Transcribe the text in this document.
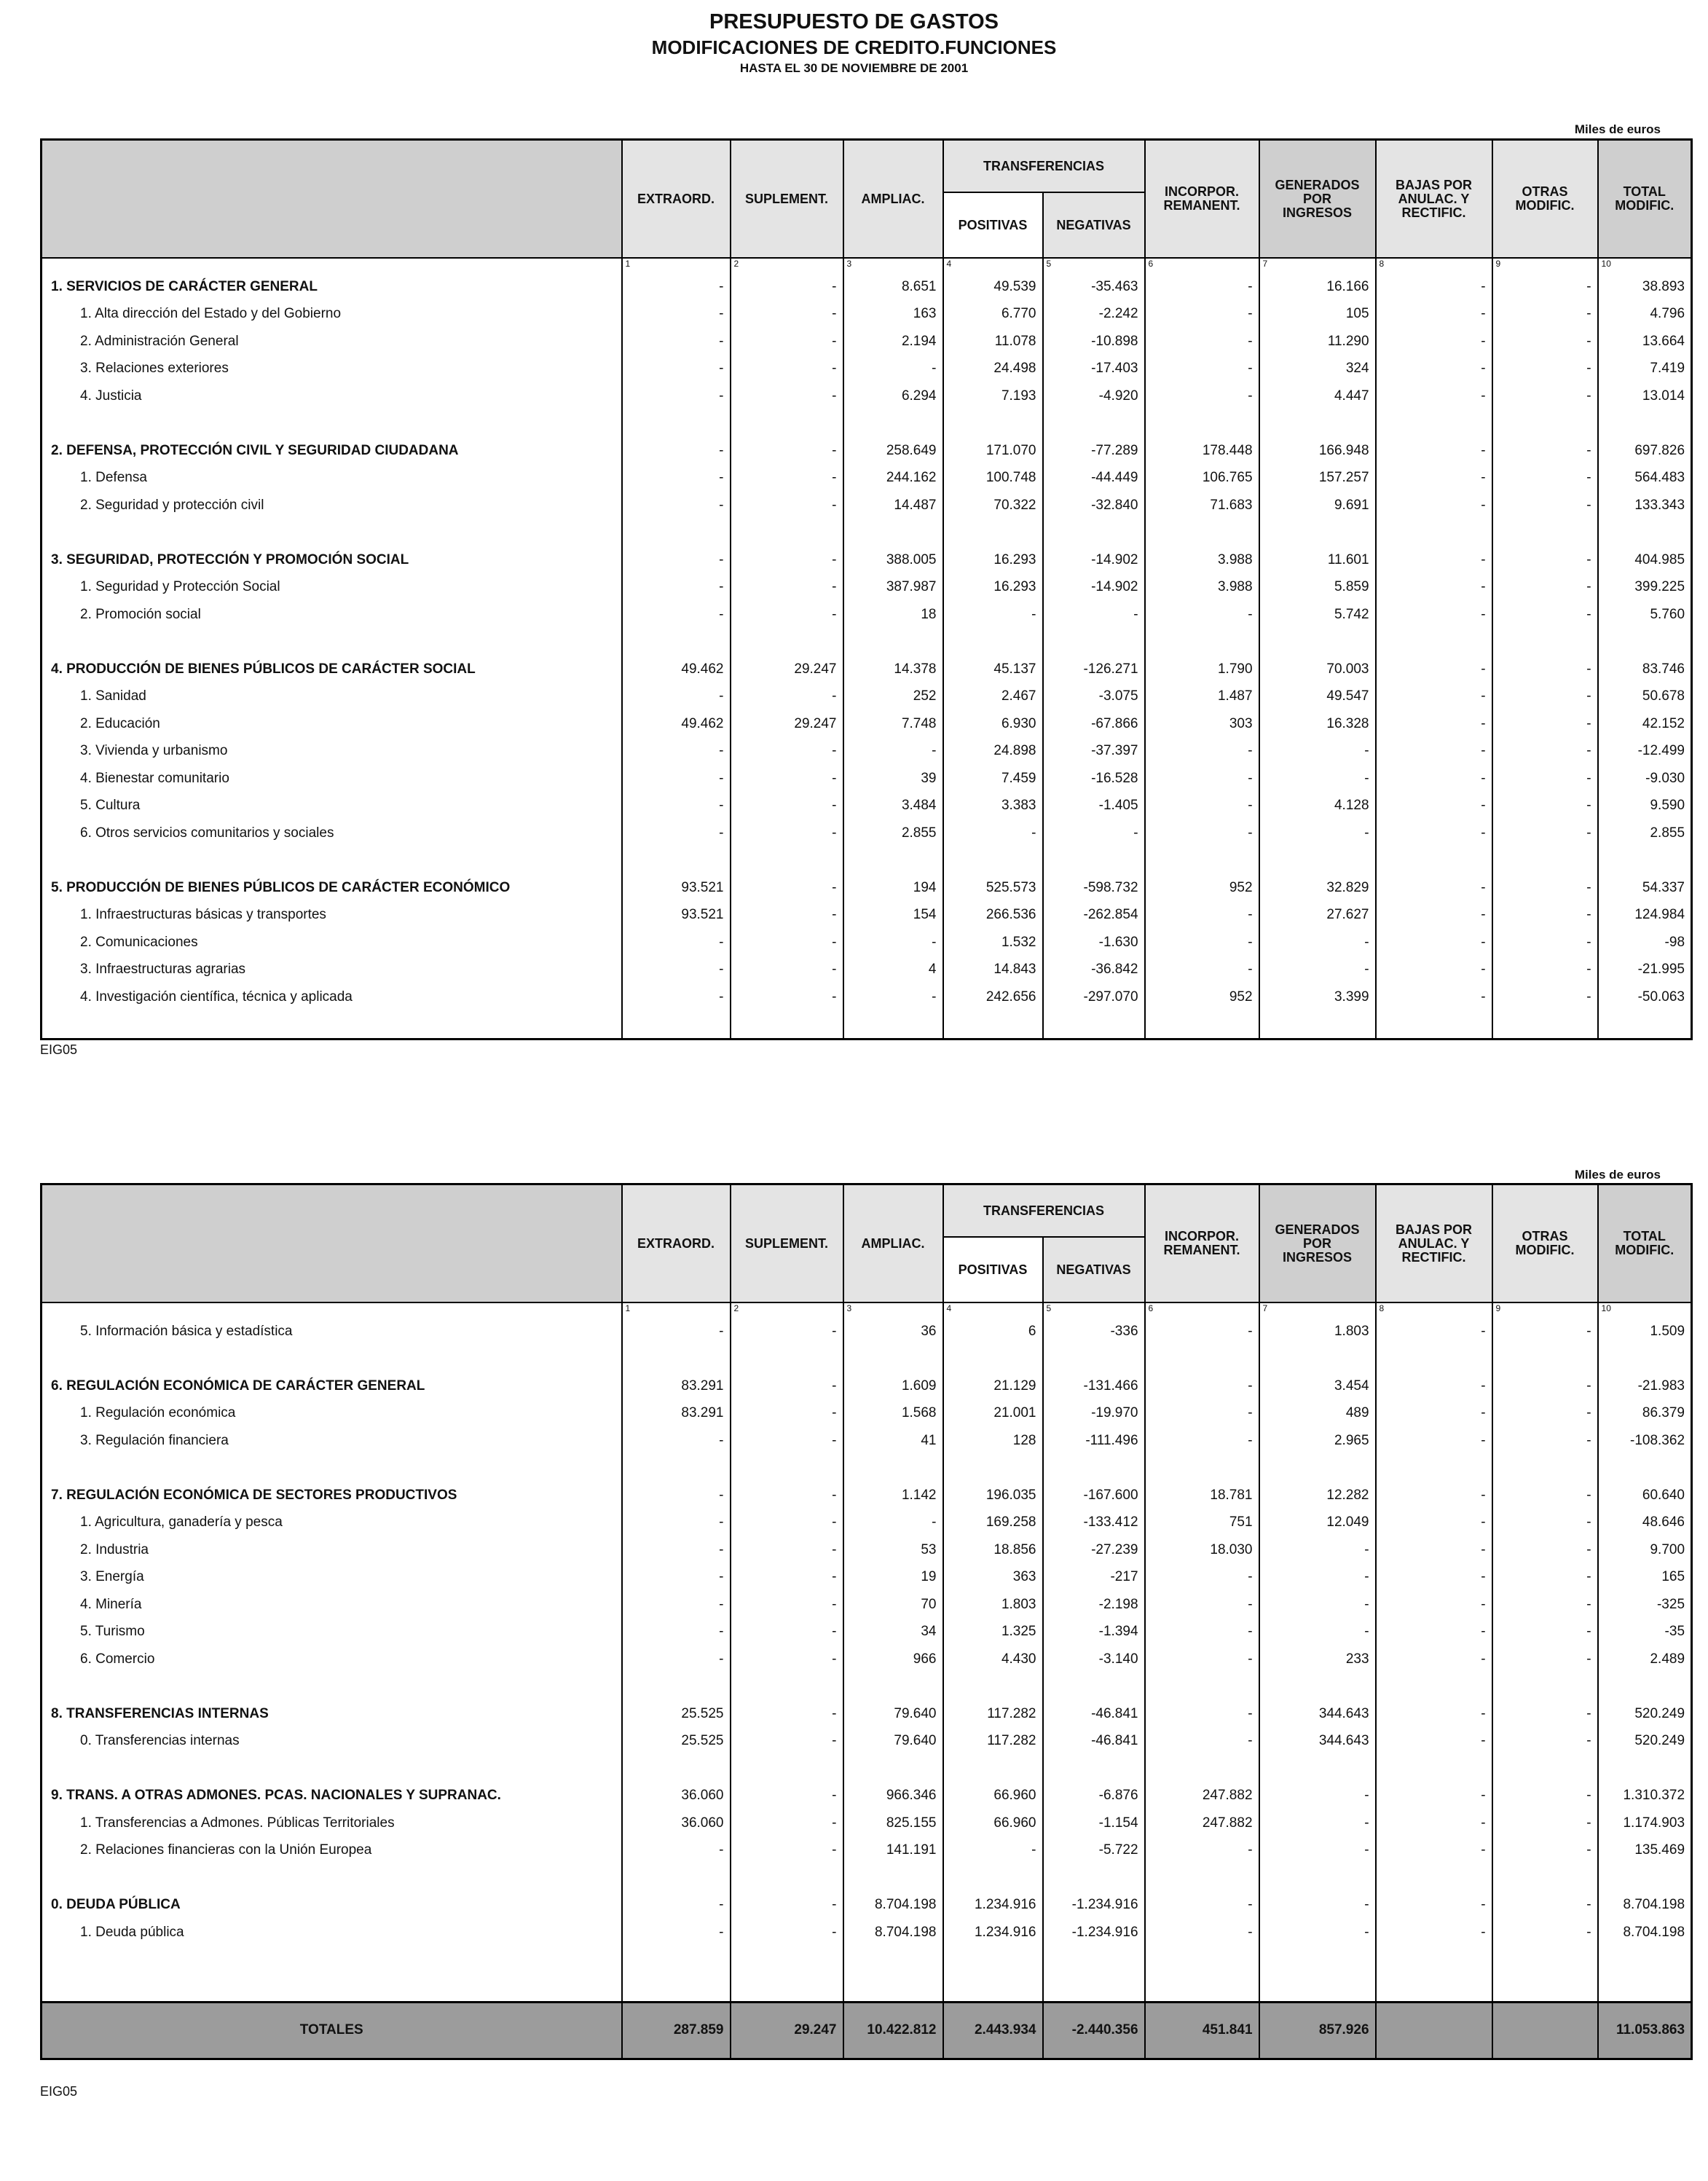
PRESUPUESTO DE GASTOS
MODIFICACIONES DE CREDITO.FUNCIONES
HASTA EL 30 DE NOVIEMBRE DE 2001
Miles de euros
	EXTRAORD.	SUPLEMENT.	AMPLIAC.	TRANSFERENCIAS		INCORPOR.
REMANENT.	GENERADOS
POR
INGRESOS	BAJAS POR
ANULAC. Y
RECTIFIC.	OTRAS
MODIFIC.	TOTAL
MODIFIC.
				POSITIVAS	NEGATIVAS					
	1	2	3	4	5	6	7	8	9	10
1. SERVICIOS DE CARÁCTER GENERAL	-	-	8.651	49.539	-35.463	-	16.166	-	-	38.893
1. Alta dirección del Estado y del Gobierno	-	-	163	6.770	-2.242	-	105	-	-	4.796
2. Administración General	-	-	2.194	11.078	-10.898	-	11.290	-	-	13.664
3. Relaciones exteriores	-	-	-	24.498	-17.403	-	324	-	-	7.419
4. Justicia	-	-	6.294	7.193	-4.920	-	4.447	-	-	13.014

2. DEFENSA, PROTECCIÓN CIVIL Y SEGURIDAD CIUDADANA	-	-	258.649	171.070	-77.289	178.448	166.948	-	-	697.826
1. Defensa	-	-	244.162	100.748	-44.449	106.765	157.257	-	-	564.483
2. Seguridad y protección civil	-	-	14.487	70.322	-32.840	71.683	9.691	-	-	133.343

3. SEGURIDAD, PROTECCIÓN Y PROMOCIÓN SOCIAL	-	-	388.005	16.293	-14.902	3.988	11.601	-	-	404.985
1. Seguridad y Protección Social	-	-	387.987	16.293	-14.902	3.988	5.859	-	-	399.225
2. Promoción social	-	-	18	-	-	-	5.742	-	-	5.760

4. PRODUCCIÓN DE BIENES PÚBLICOS DE CARÁCTER SOCIAL	49.462	29.247	14.378	45.137	-126.271	1.790	70.003	-	-	83.746
1. Sanidad	-	-	252	2.467	-3.075	1.487	49.547	-	-	50.678
2. Educación	49.462	29.247	7.748	6.930	-67.866	303	16.328	-	-	42.152
3. Vivienda y urbanismo	-	-	-	24.898	-37.397	-	-	-	-	-12.499
4. Bienestar comunitario	-	-	39	7.459	-16.528	-	-	-	-	-9.030
5. Cultura	-	-	3.484	3.383	-1.405	-	4.128	-	-	9.590
6. Otros servicios comunitarios y sociales	-	-	2.855	-	-	-	-	-	-	2.855

5. PRODUCCIÓN DE BIENES PÚBLICOS DE CARÁCTER ECONÓMICO	93.521	-	194	525.573	-598.732	952	32.829	-	-	54.337
1. Infraestructuras básicas y transportes	93.521	-	154	266.536	-262.854	-	27.627	-	-	124.984
2. Comunicaciones	-	-	-	1.532	-1.630	-	-	-	-	-98
3. Infraestructuras agrarias	-	-	4	14.843	-36.842	-	-	-	-	-21.995
4. Investigación científica, técnica y aplicada	-	-	-	242.656	-297.070	952	3.399	-	-	-50.063

EIG05
Miles de euros
	EXTRAORD.	SUPLEMENT.	AMPLIAC.	TRANSFERENCIAS		INCORPOR.
REMANENT.	GENERADOS
POR
INGRESOS	BAJAS POR
ANULAC. Y
RECTIFIC.	OTRAS
MODIFIC.	TOTAL
MODIFIC.
				POSITIVAS	NEGATIVAS					
	1	2	3	4	5	6	7	8	9	10
5. Información básica y estadística	-	-	36	6	-336	-	1.803	-	-	1.509

6. REGULACIÓN ECONÓMICA DE CARÁCTER GENERAL	83.291	-	1.609	21.129	-131.466	-	3.454	-	-	-21.983
1. Regulación económica	83.291	-	1.568	21.001	-19.970	-	489	-	-	86.379
3. Regulación financiera	-	-	41	128	-111.496	-	2.965	-	-	-108.362

7. REGULACIÓN ECONÓMICA DE SECTORES PRODUCTIVOS	-	-	1.142	196.035	-167.600	18.781	12.282	-	-	60.640
1. Agricultura, ganadería y pesca	-	-	-	169.258	-133.412	751	12.049	-	-	48.646
2. Industria	-	-	53	18.856	-27.239	18.030	-	-	-	9.700
3. Energía	-	-	19	363	-217	-	-	-	-	165
4. Minería	-	-	70	1.803	-2.198	-	-	-	-	-325
5. Turismo	-	-	34	1.325	-1.394	-	-	-	-	-35
6. Comercio	-	-	966	4.430	-3.140	-	233	-	-	2.489

8. TRANSFERENCIAS INTERNAS	25.525	-	79.640	117.282	-46.841	-	344.643	-	-	520.249
0. Transferencias internas	25.525	-	79.640	117.282	-46.841	-	344.643	-	-	520.249

9. TRANS. A OTRAS ADMONES. PCAS. NACIONALES Y SUPRANAC.	36.060	-	966.346	66.960	-6.876	247.882	-	-	-	1.310.372
1. Transferencias a Admones. Públicas Territoriales	36.060	-	825.155	66.960	-1.154	247.882	-	-	-	1.174.903
2. Relaciones financieras con la Unión Europea	-	-	141.191	-	-5.722	-	-	-	-	135.469

0. DEUDA PÚBLICA	-	-	8.704.198	1.234.916	-1.234.916	-	-	-	-	8.704.198
1. Deuda pública	-	-	8.704.198	1.234.916	-1.234.916	-	-	-	-	8.704.198

TOTALES	287.859	29.247	10.422.812	2.443.934	-2.440.356	451.841	857.926			11.053.863
EIG05
